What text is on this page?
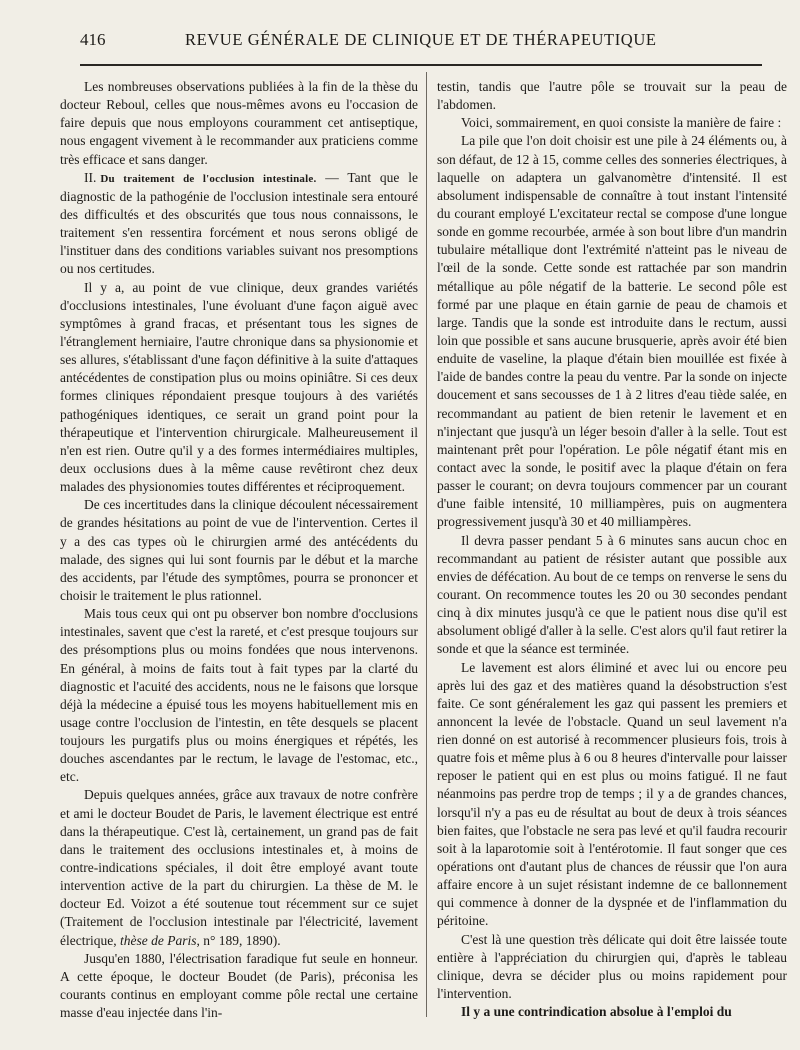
416	REVUE GÉNÉRALE DE CLINIQUE ET DE THÉRAPEUTIQUE

Les nombreuses observations publiées à la fin de la thèse du docteur Reboul, celles que nous-mêmes avons eu l'occasion de faire depuis que nous employons couramment cet antiseptique, nous engagent vivement à le recommander aux praticiens comme très efficace et sans danger.

II. Du traitement de l'occlusion intestinale. — Tant que le diagnostic de la pathogénie de l'occlusion intestinale sera entouré des difficultés et des obscurités que tous nous connaissons, le traitement s'en ressentira forcément et nous serons obligé de l'instituer dans des conditions variables suivant nos presomptions ou nos certitudes.

Il y a, au point de vue clinique, deux grandes variétés d'occlusions intestinales, l'une évoluant d'une façon aiguë avec symptômes à grand fracas, et présentant tous les signes de l'étranglement herniaire, l'autre chronique dans sa physionomie et ses allures, s'établissant d'une façon définitive à la suite d'attaques antécédentes de constipation plus ou moins opiniâtre. Si ces deux formes cliniques répondaient presque toujours à des variétés pathogéniques identiques, ce serait un grand point pour la thérapeutique et l'intervention chirurgicale. Malheureusement il n'en est rien. Outre qu'il y a des formes intermédiaires multiples, deux occlusions dues à la même cause revêtiront chez deux malades des physionomies toutes différentes et réciproquement.

De ces incertitudes dans la clinique découlent nécessairement de grandes hésitations au point de vue de l'intervention. Certes il y a des cas types où le chirurgien armé des antécédents du malade, des signes qui lui sont fournis par le début et la marche des accidents, par l'étude des symptômes, pourra se prononcer et choisir le traitement le plus rationnel.

Mais tous ceux qui ont pu observer bon nombre d'occlusions intestinales, savent que c'est la rareté, et c'est presque toujours sur des présomptions plus ou moins fondées que nous intervenons. En général, à moins de faits tout à fait types par la clarté du diagnostic et l'acuité des accidents, nous ne le faisons que lorsque déjà la médecine a épuisé tous les moyens habituellement mis en usage contre l'occlusion de l'intestin, en tête desquels se placent toujours les purgatifs plus ou moins énergiques et répétés, les douches ascendantes par le rectum, le lavage de l'estomac, etc., etc.

Depuis quelques années, grâce aux travaux de notre confrère et ami le docteur Boudet de Paris, le lavement électrique est entré dans la thérapeutique. C'est là, certainement, un grand pas de fait dans le traitement des occlusions intestinales et, à moins de contre-indications spéciales, il doit être employé avant toute intervention active de la part du chirurgien. La thèse de M. le docteur Ed. Voizot a été soutenue tout récemment sur ce sujet (Traitement de l'occlusion intestinale par l'électricité, lavement électrique, thèse de Paris, n° 189, 1890).

Jusqu'en 1880, l'électrisation faradique fut seule en honneur. A cette époque, le docteur Boudet (de Paris), préconisa les courants continus en employant comme pôle rectal une certaine masse d'eau injectée dans l'in-

testin, tandis que l'autre pôle se trouvait sur la peau de l'abdomen.

Voici, sommairement, en quoi consiste la manière de faire :

La pile que l'on doit choisir est une pile à 24 éléments ou, à son défaut, de 12 à 15, comme celles des sonneries électriques, à laquelle on adaptera un galvanomètre d'intensité. Il est absolument indispensable de connaître à tout instant l'intensité du courant employé L'excitateur rectal se compose d'une longue sonde en gomme recourbée, armée à son bout libre d'un mandrin tubulaire métallique dont l'extrémité n'atteint pas le niveau de l'œil de la sonde. Cette sonde est rattachée par son mandrin métallique au pôle négatif de la batterie. Le second pôle est formé par une plaque en étain garnie de peau de chamois et large. Tandis que la sonde est introduite dans le rectum, aussi loin que possible et sans aucune brusquerie, après avoir été bien enduite de vaseline, la plaque d'étain bien mouillée est fixée à l'aide de bandes contre la peau du ventre. Par la sonde on injecte doucement et sans secousses de 1 à 2 litres d'eau tiède salée, en recommandant au patient de bien retenir le lavement et en n'injectant que jusqu'à un léger besoin d'aller à la selle. Tout est maintenant prêt pour l'opération. Le pôle négatif étant mis en contact avec la sonde, le positif avec la plaque d'étain on fera passer le courant; on devra toujours commencer par un courant d'une faible intensité, 10 milliampères, puis on augmentera progressivement jusqu'à 30 et 40 milliampères.

Il devra passer pendant 5 à 6 minutes sans aucun choc en recommandant au patient de résister autant que possible aux envies de défécation. Au bout de ce temps on renverse le sens du courant. On recommence toutes les 20 ou 30 secondes pendant cinq à dix minutes jusqu'à ce que le patient nous dise qu'il est absolument obligé d'aller à la selle. C'est alors qu'il faut retirer la sonde et que la séance est terminée.

Le lavement est alors éliminé et avec lui ou encore peu après lui des gaz et des matières quand la désobstruction s'est faite. Ce sont généralement les gaz qui passent les premiers et annoncent la levée de l'obstacle. Quand un seul lavement n'a rien donné on est autorisé à recommencer plusieurs fois, trois à quatre fois et même plus à 6 ou 8 heures d'intervalle pour laisser reposer le patient qui en est plus ou moins fatigué. Il ne faut néanmoins pas perdre trop de temps ; il y a de grandes chances, lorsqu'il n'y a pas eu de résultat au bout de deux à trois séances bien faites, que l'obstacle ne sera pas levé et qu'il faudra recourir soit à la laparotomie soit à l'entérotomie. Il faut songer que ces opérations ont d'autant plus de chances de réussir que l'on aura affaire encore à un sujet résistant indemne de ce ballonnement qui commence à donner de la dyspnée et de l'inflammation du péritoine.

C'est là une question très délicate qui doit être laissée toute entière à l'appréciation du chirurgien qui, d'après le tableau clinique, devra se décider plus ou moins rapidement pour l'intervention.

Il y a une contrindication absolue à l'emploi du
